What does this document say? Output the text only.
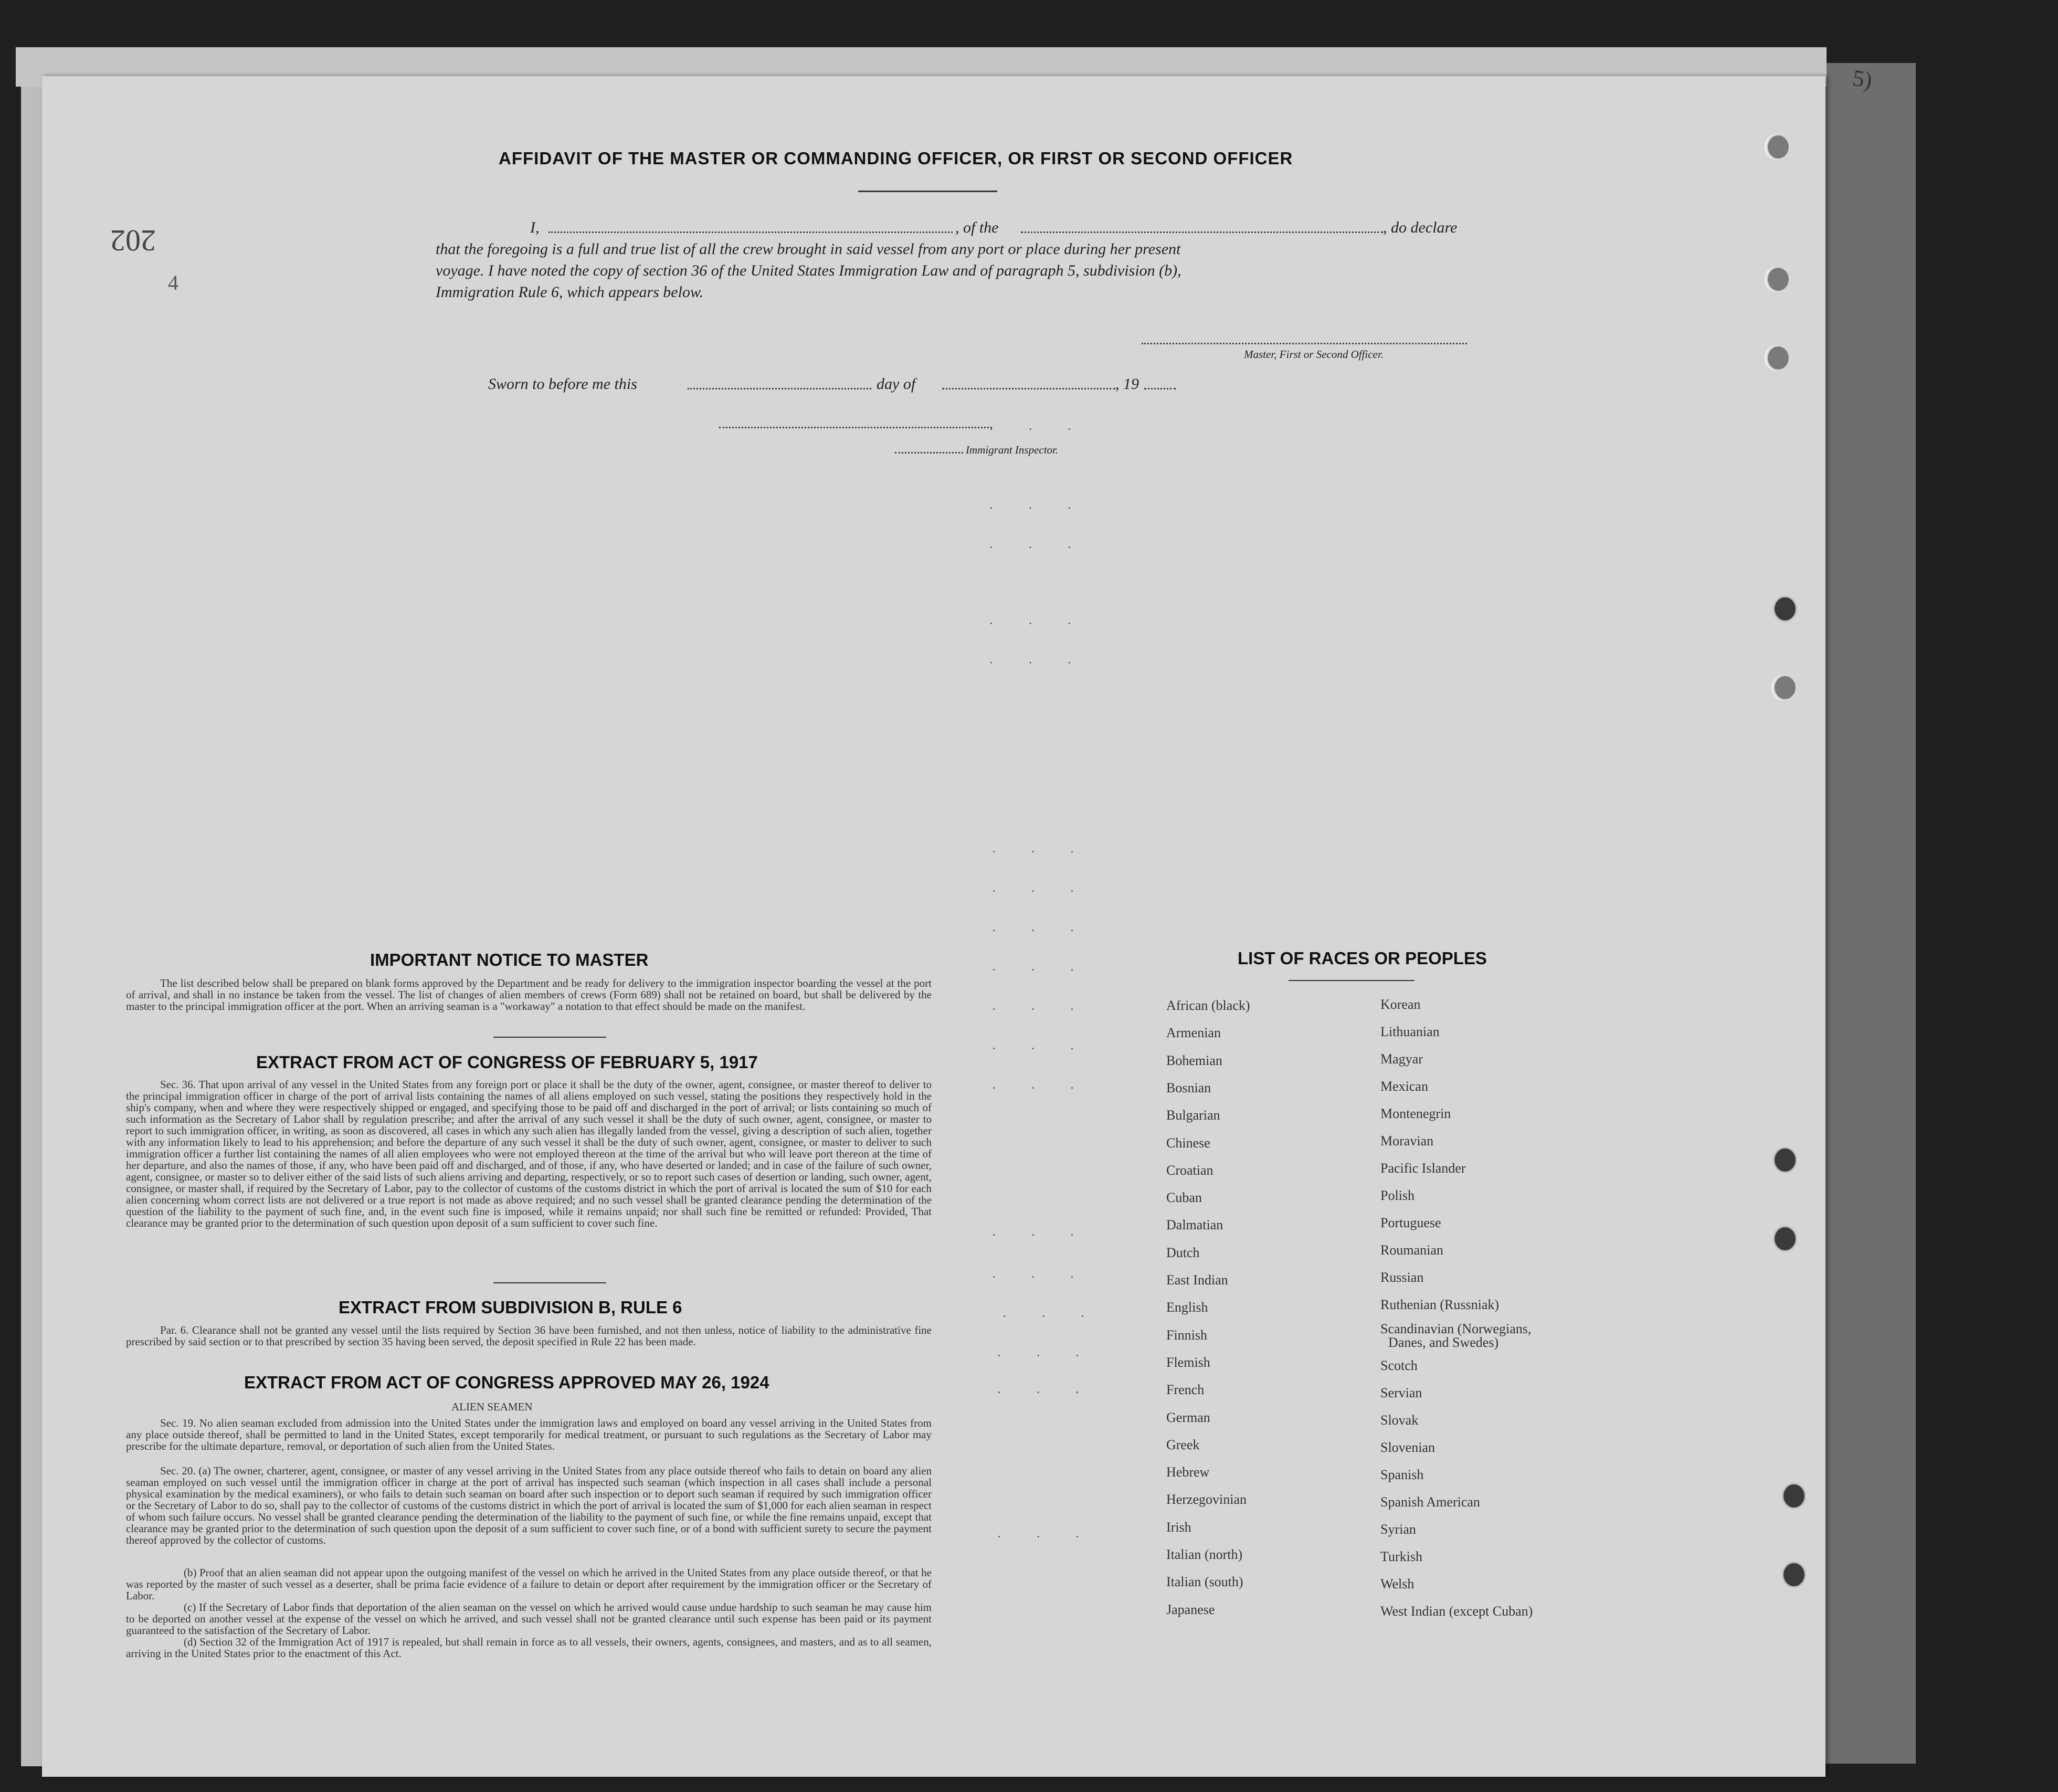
5)
202
4
AFFIDAVIT OF THE MASTER OR COMMANDING OFFICER, OR FIRST OR SECOND OFFICER
I,	, of the	, do declare
that the foregoing is a full and true list of all the crew brought in said vessel from any port or place during her present
voyage. I have noted the copy of section 36 of the United States Immigration Law and of paragraph 5, subdivision (b),
Immigration Rule 6, which appears below.
Master, First or Second Officer.
Sworn to before me this	day of	, 19
Immigrant Inspector.
. . .
. . .
. . .
. . .
. . .
. . .
. . .
. . .
. . .
. . .
. . .
. . .
. . .
. . .
. . .
. . .
. . .
. . .
IMPORTANT NOTICE TO MASTER
The list described below shall be prepared on blank forms approved by the Department and be ready for delivery to the immigration inspector boarding the vessel at the port of arrival, and shall in no instance be taken from the vessel. The list of changes of alien members of crews (Form 689) shall not be retained on board, but shall be delivered by the master to the principal immigration officer at the port. When an arriving seaman is a "workaway" a notation to that effect should be made on the manifest.
EXTRACT FROM ACT OF CONGRESS OF FEBRUARY 5, 1917
Sec. 36. That upon arrival of any vessel in the United States from any foreign port or place it shall be the duty of the owner, agent, consignee, or master thereof to deliver to the principal immigration officer in charge of the port of arrival lists containing the names of all aliens employed on such vessel, stating the positions they respectively hold in the ship's company, when and where they were respectively shipped or engaged, and specifying those to be paid off and discharged in the port of arrival; or lists containing so much of such information as the Secretary of Labor shall by regulation prescribe; and after the arrival of any such vessel it shall be the duty of such owner, agent, consignee, or master to report to such immigration officer, in writing, as soon as discovered, all cases in which any such alien has illegally landed from the vessel, giving a description of such alien, together with any information likely to lead to his apprehension; and before the departure of any such vessel it shall be the duty of such owner, agent, consignee, or master to deliver to such immigration officer a further list containing the names of all alien employees who were not employed thereon at the time of the arrival but who will leave port thereon at the time of her departure, and also the names of those, if any, who have been paid off and discharged, and of those, if any, who have deserted or landed; and in case of the failure of such owner, agent, consignee, or master so to deliver either of the said lists of such aliens arriving and departing, respectively, or so to report such cases of desertion or landing, such owner, agent, consignee, or master shall, if required by the Secretary of Labor, pay to the collector of customs of the customs district in which the port of arrival is located the sum of $10 for each alien concerning whom correct lists are not delivered or a true report is not made as above required; and no such vessel shall be granted clearance pending the determination of the question of the liability to the payment of such fine, and, in the event such fine is imposed, while it remains unpaid; nor shall such fine be remitted or refunded: Provided, That clearance may be granted prior to the determination of such question upon deposit of a sum sufficient to cover such fine.
EXTRACT FROM SUBDIVISION B, RULE 6
Par. 6. Clearance shall not be granted any vessel until the lists required by Section 36 have been furnished, and not then unless, notice of liability to the administrative fine prescribed by said section or to that prescribed by section 35 having been served, the deposit specified in Rule 22 has been made.
EXTRACT FROM ACT OF CONGRESS APPROVED MAY 26, 1924
ALIEN SEAMEN
Sec. 19. No alien seaman excluded from admission into the United States under the immigration laws and employed on board any vessel arriving in the United States from any place outside thereof, shall be permitted to land in the United States, except temporarily for medical treatment, or pursuant to such regulations as the Secretary of Labor may prescribe for the ultimate departure, removal, or deportation of such alien from the United States.
Sec. 20. (a) The owner, charterer, agent, consignee, or master of any vessel arriving in the United States from any place outside thereof who fails to detain on board any alien seaman employed on such vessel until the immigration officer in charge at the port of arrival has inspected such seaman (which inspection in all cases shall include a personal physical examination by the medical examiners), or who fails to detain such seaman on board after such inspection or to deport such seaman if required by such immigration officer or the Secretary of Labor to do so, shall pay to the collector of customs of the customs district in which the port of arrival is located the sum of $1,000 for each alien seaman in respect of whom such failure occurs. No vessel shall be granted clearance pending the determination of the liability to the payment of such fine, or while the fine remains unpaid, except that clearance may be granted prior to the determination of such question upon the deposit of a sum sufficient to cover such fine, or of a bond with sufficient surety to secure the payment thereof approved by the collector of customs.
(b) Proof that an alien seaman did not appear upon the outgoing manifest of the vessel on which he arrived in the United States from any place outside thereof, or that he was reported by the master of such vessel as a deserter, shall be prima facie evidence of a failure to detain or deport after requirement by the immigration officer or the Secretary of Labor.
(c) If the Secretary of Labor finds that deportation of the alien seaman on the vessel on which he arrived would cause undue hardship to such seaman he may cause him to be deported on another vessel at the expense of the vessel on which he arrived, and such vessel shall not be granted clearance until such expense has been paid or its payment guaranteed to the satisfaction of the Secretary of Labor.
(d) Section 32 of the Immigration Act of 1917 is repealed, but shall remain in force as to all vessels, their owners, agents, consignees, and masters, and as to all seamen, arriving in the United States prior to the enactment of this Act.
LIST OF RACES OR PEOPLES
African (black)
Armenian
Bohemian
Bosnian
Bulgarian
Chinese
Croatian
Cuban
Dalmatian
Dutch
East Indian
English
Finnish
Flemish
French
German
Greek
Hebrew
Herzegovinian
Irish
Italian (north)
Italian (south)
Japanese
Korean
Lithuanian
Magyar
Mexican
Montenegrin
Moravian
Pacific Islander
Polish
Portuguese
Roumanian
Russian
Ruthenian (Russniak)
Scandinavian (Norwegians,
Danes, and Swedes)
Scotch
Servian
Slovak
Slovenian
Spanish
Spanish American
Syrian
Turkish
Welsh
West Indian (except Cuban)
